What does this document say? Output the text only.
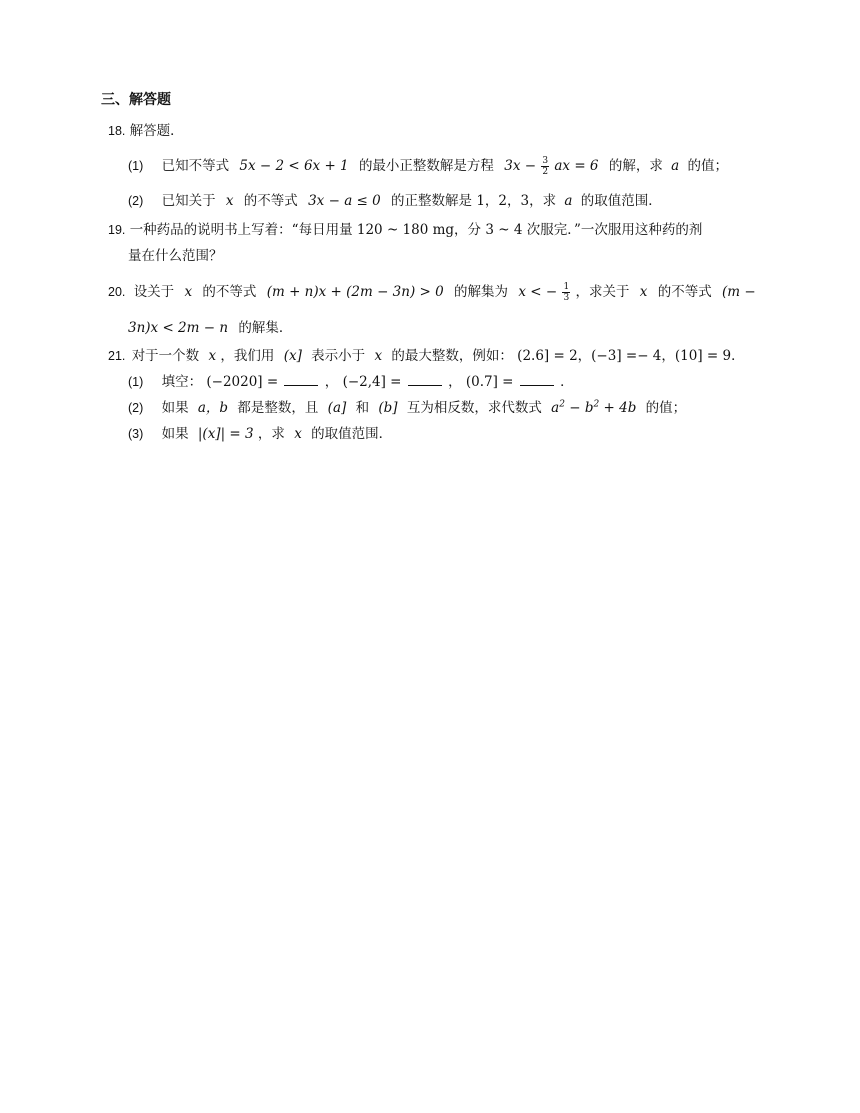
三、解答题
18. 解答题．
(1) 已知不等式 5x − 2 < 6x + 1 的最小正整数解是方程 $3x - \frac{3}{2}$ ax = 6 的解，求 a 的值；
(2) 已知关于 x 的不等式 3x − a ≤ 0 的正整数解是 1，2，3，求 a 的取值范围．
19. 一种药品的说明书上写着：“每日用量 120 ~ 180 mg，分 3 ~ 4 次服完．”一次服用这种药的剂
量在什么范围？
20. 设关于 x 的不等式 (m + n)x + (2m − 3n) > 0 的解集为 x < − $\frac{1}{3}$ ，求关于 x 的不等式 (m −
3n)x < 2m − n 的解集．
21. 对于一个数 x ，我们用 (x] 表示小于 x 的最大整数，例如： (2.6] = 2，(−3] =− 4，(10] = 9．
(1) 填空： (−2020] =	， (−2,4] =	， (0.7] =	．
(2) 如果 a，b 都是整数，且 (a] 和 (b] 互为相反数，求代数式 $a^2 - b^2 + 4b$ 的值；
(3) 如果 |(x]| = 3 ，求 x 的取值范围．
